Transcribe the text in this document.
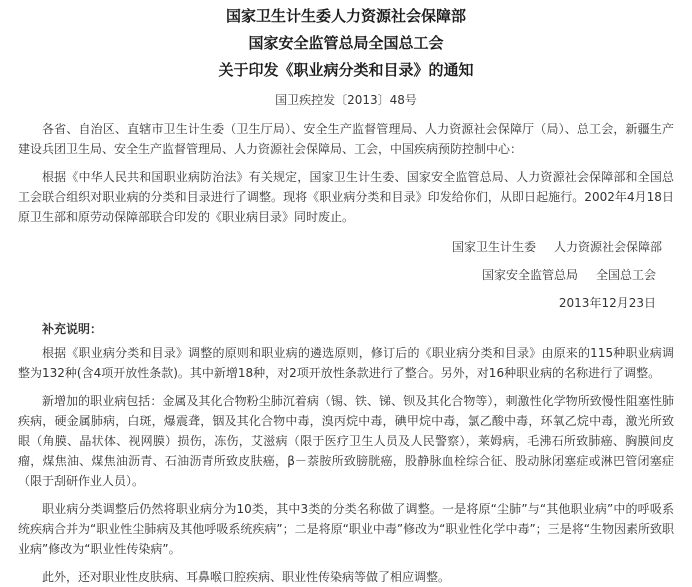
国家卫生计生委人力资源社会保障部
国家安全监管总局全国总工会
关于印发《职业病分类和目录》的通知
国卫疾控发〔2013〕48号

各省、自治区、直辖市卫生计生委（卫生厅局）、安全生产监督管理局、人力资源社会保障厅（局）、总工会，新疆生产建设兵团卫生局、安全生产监督管理局、人力资源社会保障局、工会，中国疾病预防控制中心：

根据《中华人民共和国职业病防治法》有关规定，国家卫生计生委、国家安全监管总局、人力资源社会保障部和全国总工会联合组织对职业病的分类和目录进行了调整。现将《职业病分类和目录》印发给你们，从即日起施行。2002年4月18日原卫生部和原劳动保障部联合印发的《职业病目录》同时废止。

国家卫生计生委 人力资源社会保障部
国家安全监管总局 全国总工会
2013年12月23日
补充说明：

根据《职业病分类和目录》调整的原则和职业病的遴选原则，修订后的《职业病分类和目录》由原来的115种职业病调整为132种(含4项开放性条款)。其中新增18种，对2项开放性条款进行了整合。另外，对16种职业病的名称进行了调整。

新增加的职业病包括：金属及其化合物粉尘肺沉着病（锡、铁、锑、钡及其化合物等），刺激性化学物所致慢性阻塞性肺疾病，硬金属肺病，白斑，爆震聋，铟及其化合物中毒，溴丙烷中毒，碘甲烷中毒，氯乙酸中毒，环氧乙烷中毒，激光所致眼（角膜、晶状体、视网膜）损伤，冻伤，艾滋病（限于医疗卫生人员及人民警察），莱姆病，毛沸石所致肺癌、胸膜间皮瘤，煤焦油、煤焦油沥青、石油沥青所致皮肤癌，β－萘胺所致膀胱癌，股静脉血栓综合征、股动脉闭塞症或淋巴管闭塞症（限于刮研作业人员）。

职业病分类调整后仍然将职业病分为10类，其中3类的分类名称做了调整。一是将原“尘肺”与“其他职业病”中的呼吸系统疾病合并为“职业性尘肺病及其他呼吸系统疾病”；二是将原“职业中毒”修改为“职业性化学中毒”；三是将“生物因素所致职业病”修改为“职业性传染病”。

此外，还对职业性皮肤病、耳鼻喉口腔疾病、职业性传染病等做了相应调整。
